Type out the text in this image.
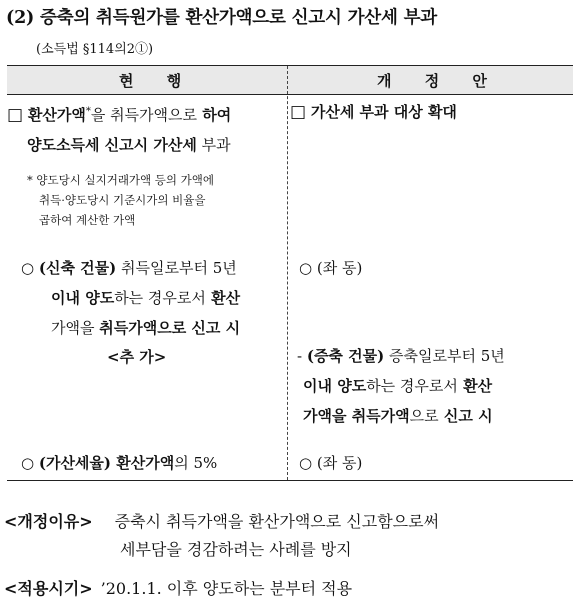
(2) 증축의 취득원가를 환산가액으로 신고시 가산세 부과
(소득법 §114의2①)
현 행	개 정 안
□ 환산가액*을 취득가액으로 하여
양도소득세 신고시 가산세 부과
* 양도당시 실지거래가액 등의 가액에
취득·양도당시 기준시가의 비율을
곱하여 계산한 가액
○ (신축 건물) 취득일로부터 5년
이내 양도하는 경우로서 환산
가액을 취득가액으로 신고 시
<추 가>
○ (가산세율) 환산가액의 5%
□ 가산세 부과 대상 확대
○ (좌 동)
- (증축 건물) 증축일로부터 5년
이내 양도하는 경우로서 환산
가액을 취득가액으로 신고 시
○ (좌 동)
<개정이유> 증축시 취득가액을 환산가액으로 신고함으로써
세부담을 경감하려는 사례를 방지
<적용시기> ’20.1.1. 이후 양도하는 분부터 적용
